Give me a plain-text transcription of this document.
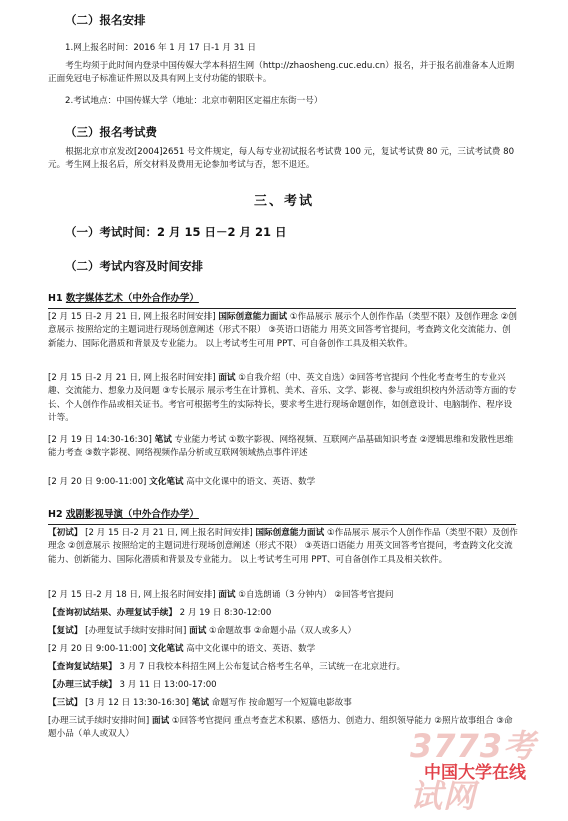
（二）报名安排

1.网上报名时间：2016 年 1 月 17 日-1 月 31 日

考生均须于此时间内登录中国传媒大学本科招生网（http://zhaosheng.cuc.edu.cn）报名，并于报名前准备本人近期正面免冠电子标准证件照以及具有网上支付功能的银联卡。

2.考试地点：中国传媒大学（地址：北京市朝阳区定福庄东街一号）

（三）报名考试费

根据北京市京发改[2004]2651 号文件规定，每人每专业初试报名考试费 100 元，复试考试费 80 元，三试考试费 80 元。考生网上报名后，所交材料及费用无论参加考试与否，恕不退还。

三、考试
（一）考试时间：2 月 15 日－2 月 21 日
（二）考试内容及时间安排
H1 数字媒体艺术（中外合作办学）

[2 月 15 日-2 月 21 日, 网上报名时间安排] 国际创意能力面试 ①作品展示 展示个人创作作品（类型不限）及创作理念 ②创意展示 按照给定的主题词进行现场创意阐述（形式不限） ③英语口语能力 用英文回答考官提问，考查跨文化交流能力、创新能力、国际化潜质和背景及专业能力。 以上考试考生可用 PPT、可自备创作工具及相关软件。

[2 月 15 日-2 月 21 日, 网上报名时间安排] 面试 ①自我介绍（中、英文自选）②回答考官提问 个性化考查考生的专业兴趣、交流能力、想象力及问题 ③专长展示 展示考生在计算机、美术、音乐、文学、影视、参与或组织校内外活动等方面的专长、个人创作作品或相关证书。考官可根据考生的实际特长，要求考生进行现场命题创作，如创意设计、电脑制作、程序设计等。

[2 月 19 日 14:30-16:30] 笔试 专业能力考试 ①数字影视、网络视频、互联网产品基础知识考查 ②逻辑思维和发散性思维能力考查 ③数字影视、网络视频作品分析或互联网领域热点事件评述

[2 月 20 日 9:00-11:00] 文化笔试 高中文化课中的语文、英语、数学

H2 戏剧影视导演（中外合作办学）

【初试】 [2 月 15 日-2 月 21 日, 网上报名时间安排] 国际创意能力面试 ①作品展示 展示个人创作作品（类型不限）及创作理念 ②创意展示 按照给定的主题词进行现场创意阐述（形式不限） ③英语口语能力 用英文回答考官提问，考查跨文化交流能力、创新能力、国际化潜质和背景及专业能力。 以上考试考生可用 PPT、可自备创作工具及相关软件。

[2 月 15 日-2 月 18 日, 网上报名时间安排] 面试 ①自选朗诵（3 分钟内） ②回答考官提问

【查询初试结果、办理复试手续】 2 月 19 日 8:30-12:00

【复试】 [办理复试手续时安排时间] 面试 ①命题故事 ②命题小品（双人或多人）

[2 月 20 日 9:00-11:00] 文化笔试 高中文化课中的语文、英语、数学

【查询复试结果】 3 月 7 日我校本科招生网上公布复试合格考生名单，三试统一在北京进行。

【办理三试手续】 3 月 11 日 13:00-17:00

【三试】 [3 月 12 日 13:30-16:30] 笔试 命题写作 按命题写一个短篇电影故事

[办理三试手续时安排时间] 面试 ①回答考官提问 重点考查艺术积累、感悟力、创造力、组织领导能力 ②照片故事组合 ③命题小品（单人或双人）	3773考试网
中国大学在线
